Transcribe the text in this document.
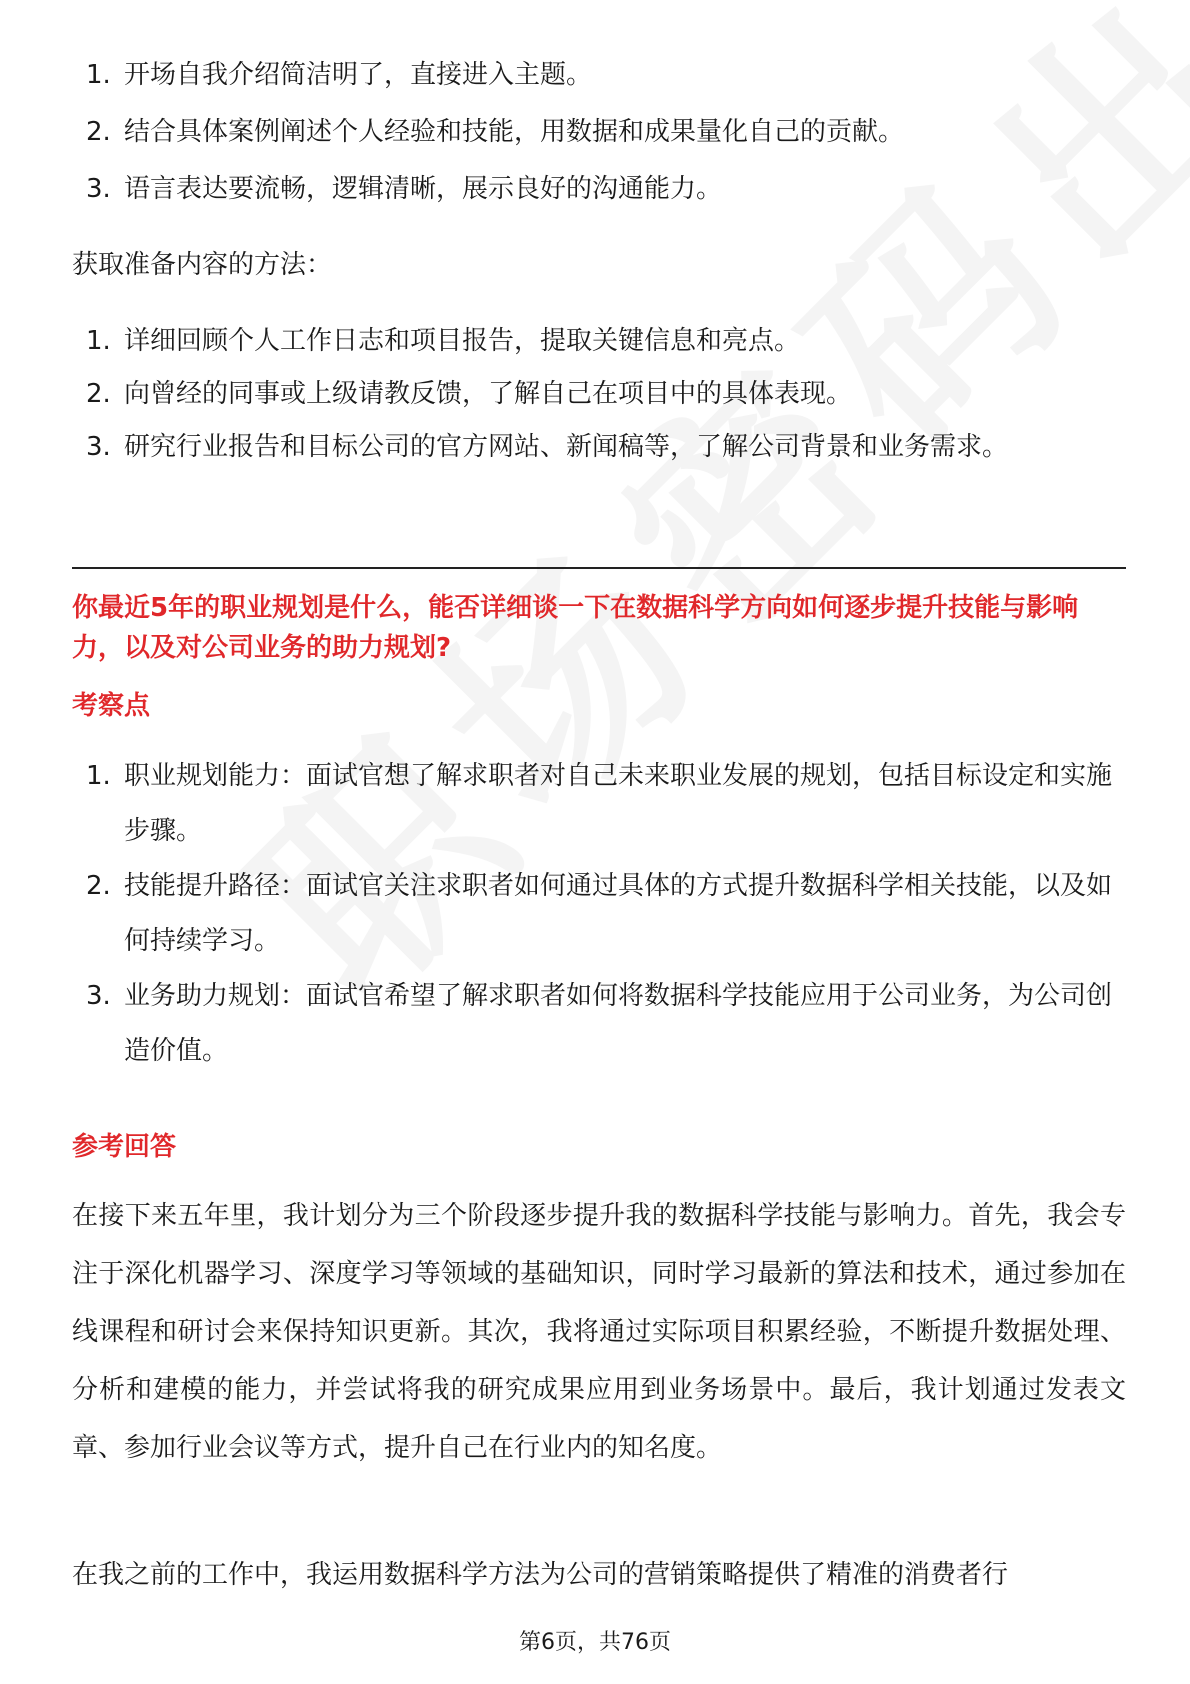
1. 开场自我介绍简洁明了，直接进入主题。
2. 结合具体案例阐述个人经验和技能，用数据和成果量化自己的贡献。
3. 语言表达要流畅，逻辑清晰，展示良好的沟通能力。
获取准备内容的方法：
1. 详细回顾个人工作日志和项目报告，提取关键信息和亮点。
2. 向曾经的同事或上级请教反馈，了解自己在项目中的具体表现。
3. 研究行业报告和目标公司的官方网站、新闻稿等，了解公司背景和业务需求。
你最近5年的职业规划是什么，能否详细谈一下在数据科学方向如何逐步提升技能与影响力，以及对公司业务的助力规划?
考察点
1. 职业规划能力：面试官想了解求职者对自己未来职业发展的规划，包括目标设定和实施步骤。
2. 技能提升路径：面试官关注求职者如何通过具体的方式提升数据科学相关技能，以及如何持续学习。
3. 业务助力规划：面试官希望了解求职者如何将数据科学技能应用于公司业务，为公司创造价值。
参考回答
在接下来五年里，我计划分为三个阶段逐步提升我的数据科学技能与影响力。首先，我会专注于深化机器学习、深度学习等领域的基础知识，同时学习最新的算法和技术，通过参加在线课程和研讨会来保持知识更新。其次，我将通过实际项目积累经验，不断提升数据处理、分析和建模的能力，并尝试将我的研究成果应用到业务场景中。最后，我计划通过发表文章、参加行业会议等方式，提升自己在行业内的知名度。
在我之前的工作中，我运用数据科学方法为公司的营销策略提供了精准的消费者行
第6页，共76页
